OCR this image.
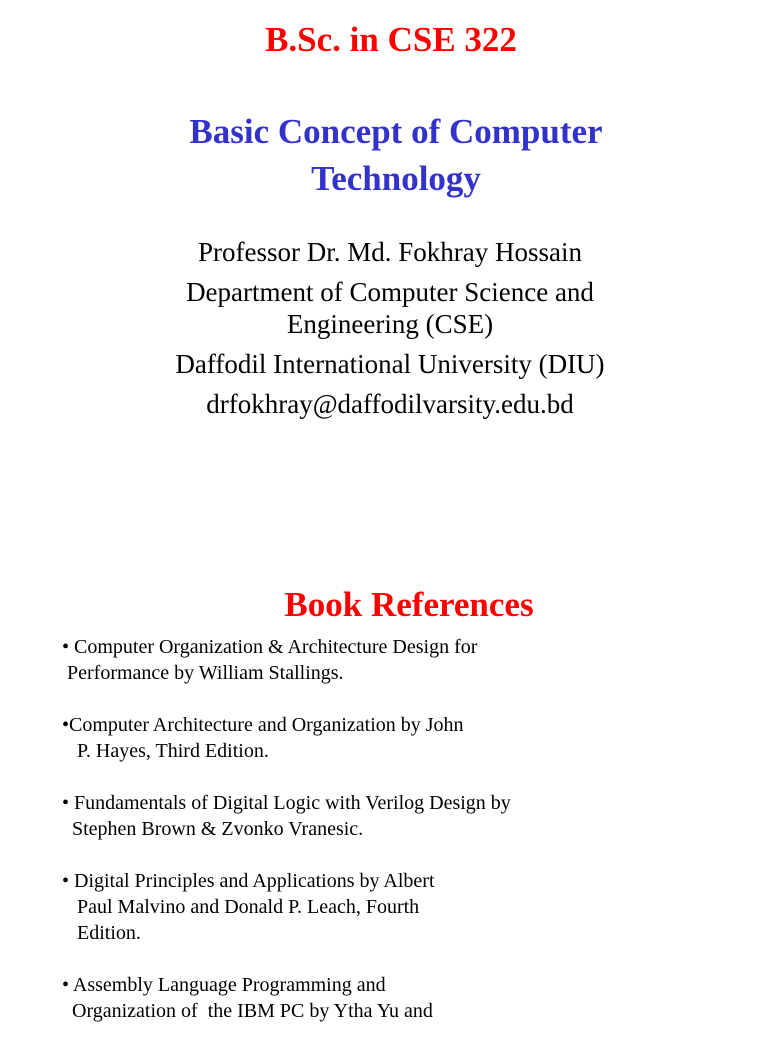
B.Sc. in CSE 322
Basic Concept of Computer
Technology
Professor Dr. Md. Fokhray Hossain
Department of Computer Science and
Engineering (CSE)
Daffodil International University (DIU)
drfokhray@daffodilvarsity.edu.bd
Book References
• Computer Organization & Architecture Design for
Performance by William Stallings.
•Computer Architecture and Organization by John
P. Hayes, Third Edition.
• Fundamentals of Digital Logic with Verilog Design by
Stephen Brown & Zvonko Vranesic.
• Digital Principles and Applications by Albert
Paul Malvino and Donald P. Leach, Fourth
Edition.
• Assembly Language Programming and
Organization of  the IBM PC by Ytha Yu and
